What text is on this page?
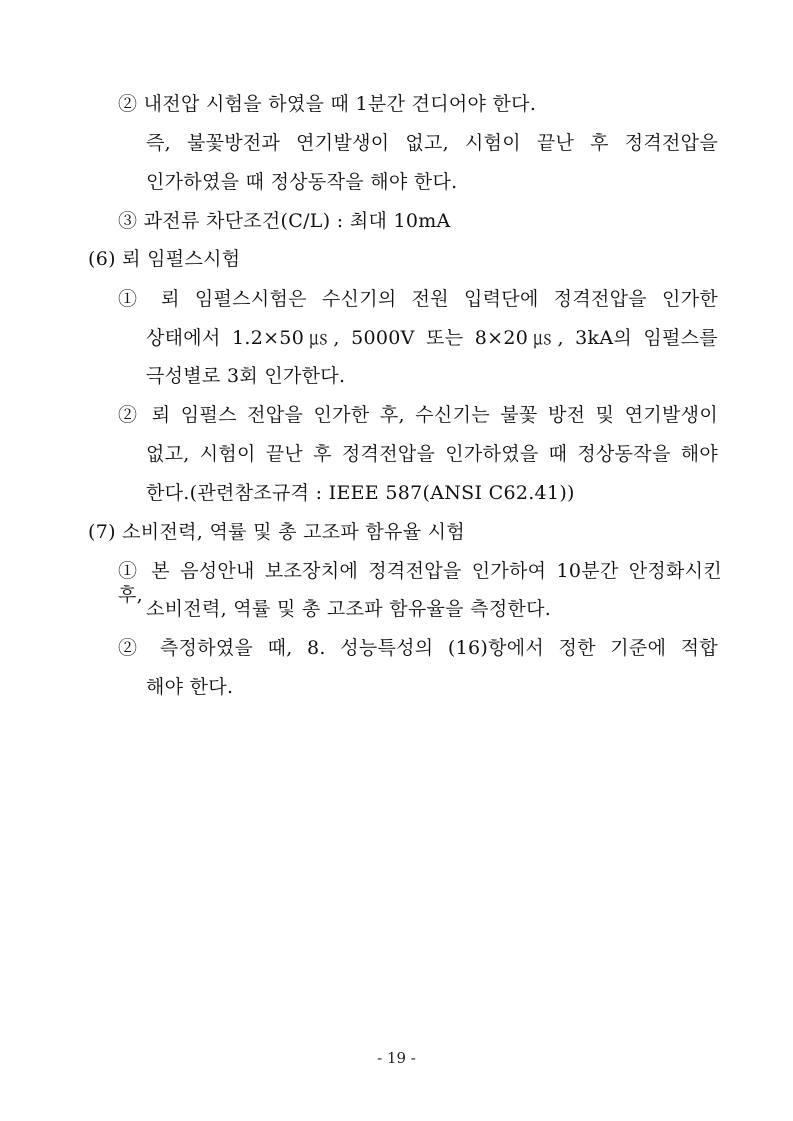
② 내전압 시험을 하였을 때 1분간 견디어야 한다.
즉, 불꽃방전과 연기발생이 없고, 시험이 끝난 후 정격전압을
인가하였을 때 정상동작을 해야 한다.
③ 과전류 차단조건(C/L) : 최대 10mA
(6) 뢰 임펄스시험
① 뢰 임펄스시험은 수신기의 전원 입력단에 정격전압을 인가한
상태에서 1.2×50㎲, 5000V 또는 8×20㎲, 3kA의 임펄스를
극성별로 3회 인가한다.
② 뢰 임펄스 전압을 인가한 후, 수신기는 불꽃 방전 및 연기발생이
없고, 시험이 끝난 후 정격전압을 인가하였을 때 정상동작을 해야
한다.(관련참조규격 : IEEE 587(ANSI C62.41))
(7) 소비전력, 역률 및 총 고조파 함유율 시험
① 본 음성안내 보조장치에 정격전압을 인가하여 10분간 안정화시킨 후,
소비전력, 역률 및 총 고조파 함유율을 측정한다.
② 측정하였을 때, 8. 성능특성의 (16)항에서 정한 기준에 적합
해야 한다.
- 19 -
